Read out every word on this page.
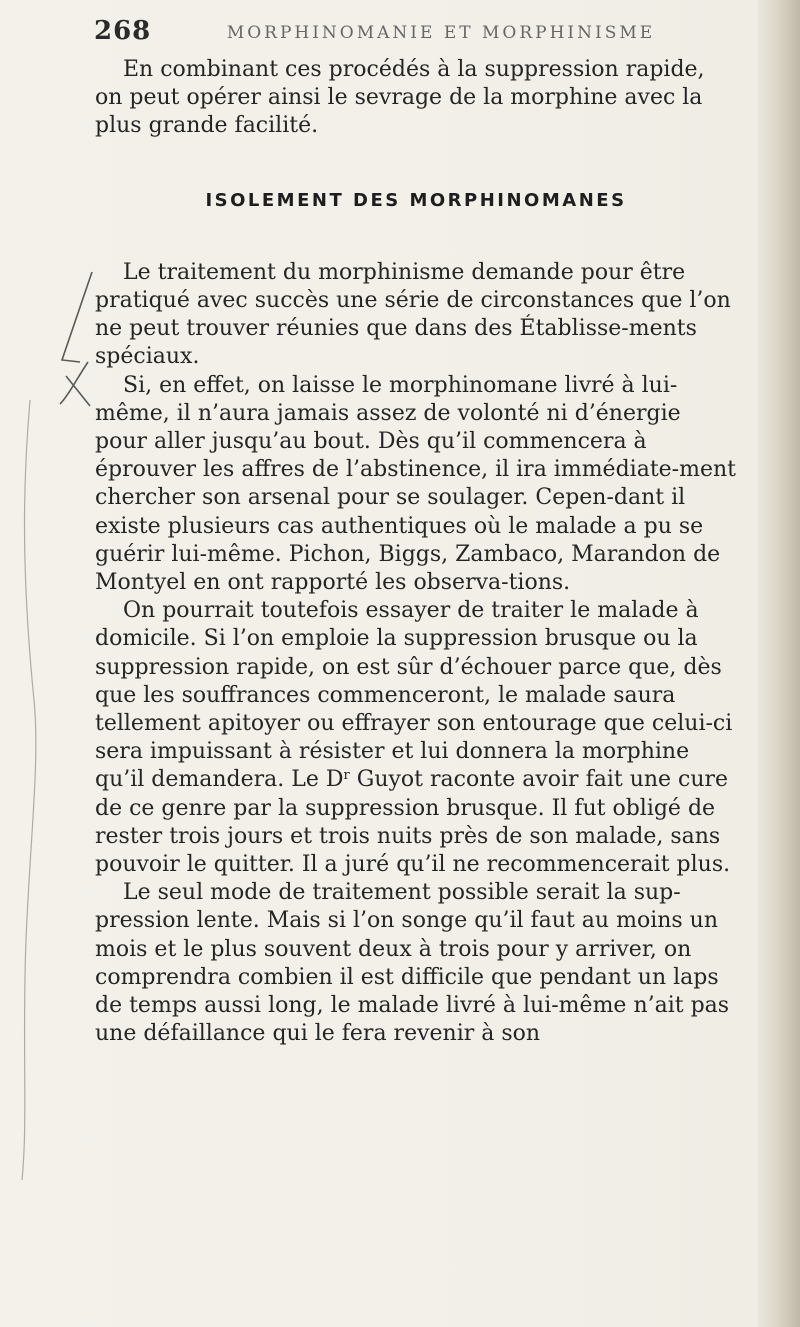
268	MORPHINOMANIE ET MORPHINISME

En combinant ces procédés à la suppression rapide, on peut opérer ainsi le sevrage de la morphine avec la plus grande facilité.

ISOLEMENT DES MORPHINOMANES

Le traitement du morphinisme demande pour être pratiqué avec succès une série de circonstances que l’on ne peut trouver réunies que dans des Établisse-ments spéciaux.

Si, en effet, on laisse le morphinomane livré à lui-même, il n’aura jamais assez de volonté ni d’énergie pour aller jusqu’au bout. Dès qu’il commencera à éprouver les affres de l’abstinence, il ira immédiate-ment chercher son arsenal pour se soulager. Cepen-dant il existe plusieurs cas authentiques où le malade a pu se guérir lui-même. Pichon, Biggs, Zambaco, Marandon de Montyel en ont rapporté les observa-tions.

On pourrait toutefois essayer de traiter le malade à domicile. Si l’on emploie la suppression brusque ou la suppression rapide, on est sûr d’échouer parce que, dès que les souffrances commenceront, le malade saura tellement apitoyer ou effrayer son entourage que celui-ci sera impuissant à résister et lui donnera la morphine qu’il demandera. Le $D^r$ Guyot raconte avoir fait une cure de ce genre par la suppression brusque. Il fut obligé de rester trois jours et trois nuits près de son malade, sans pouvoir le quitter. Il a juré qu’il ne recommencerait plus.

Le seul mode de traitement possible serait la sup-pression lente. Mais si l’on songe qu’il faut au moins un mois et le plus souvent deux à trois pour y arriver, on comprendra combien il est difficile que pendant un laps de temps aussi long, le malade livré à lui-même n’ait pas une défaillance qui le fera revenir à son
